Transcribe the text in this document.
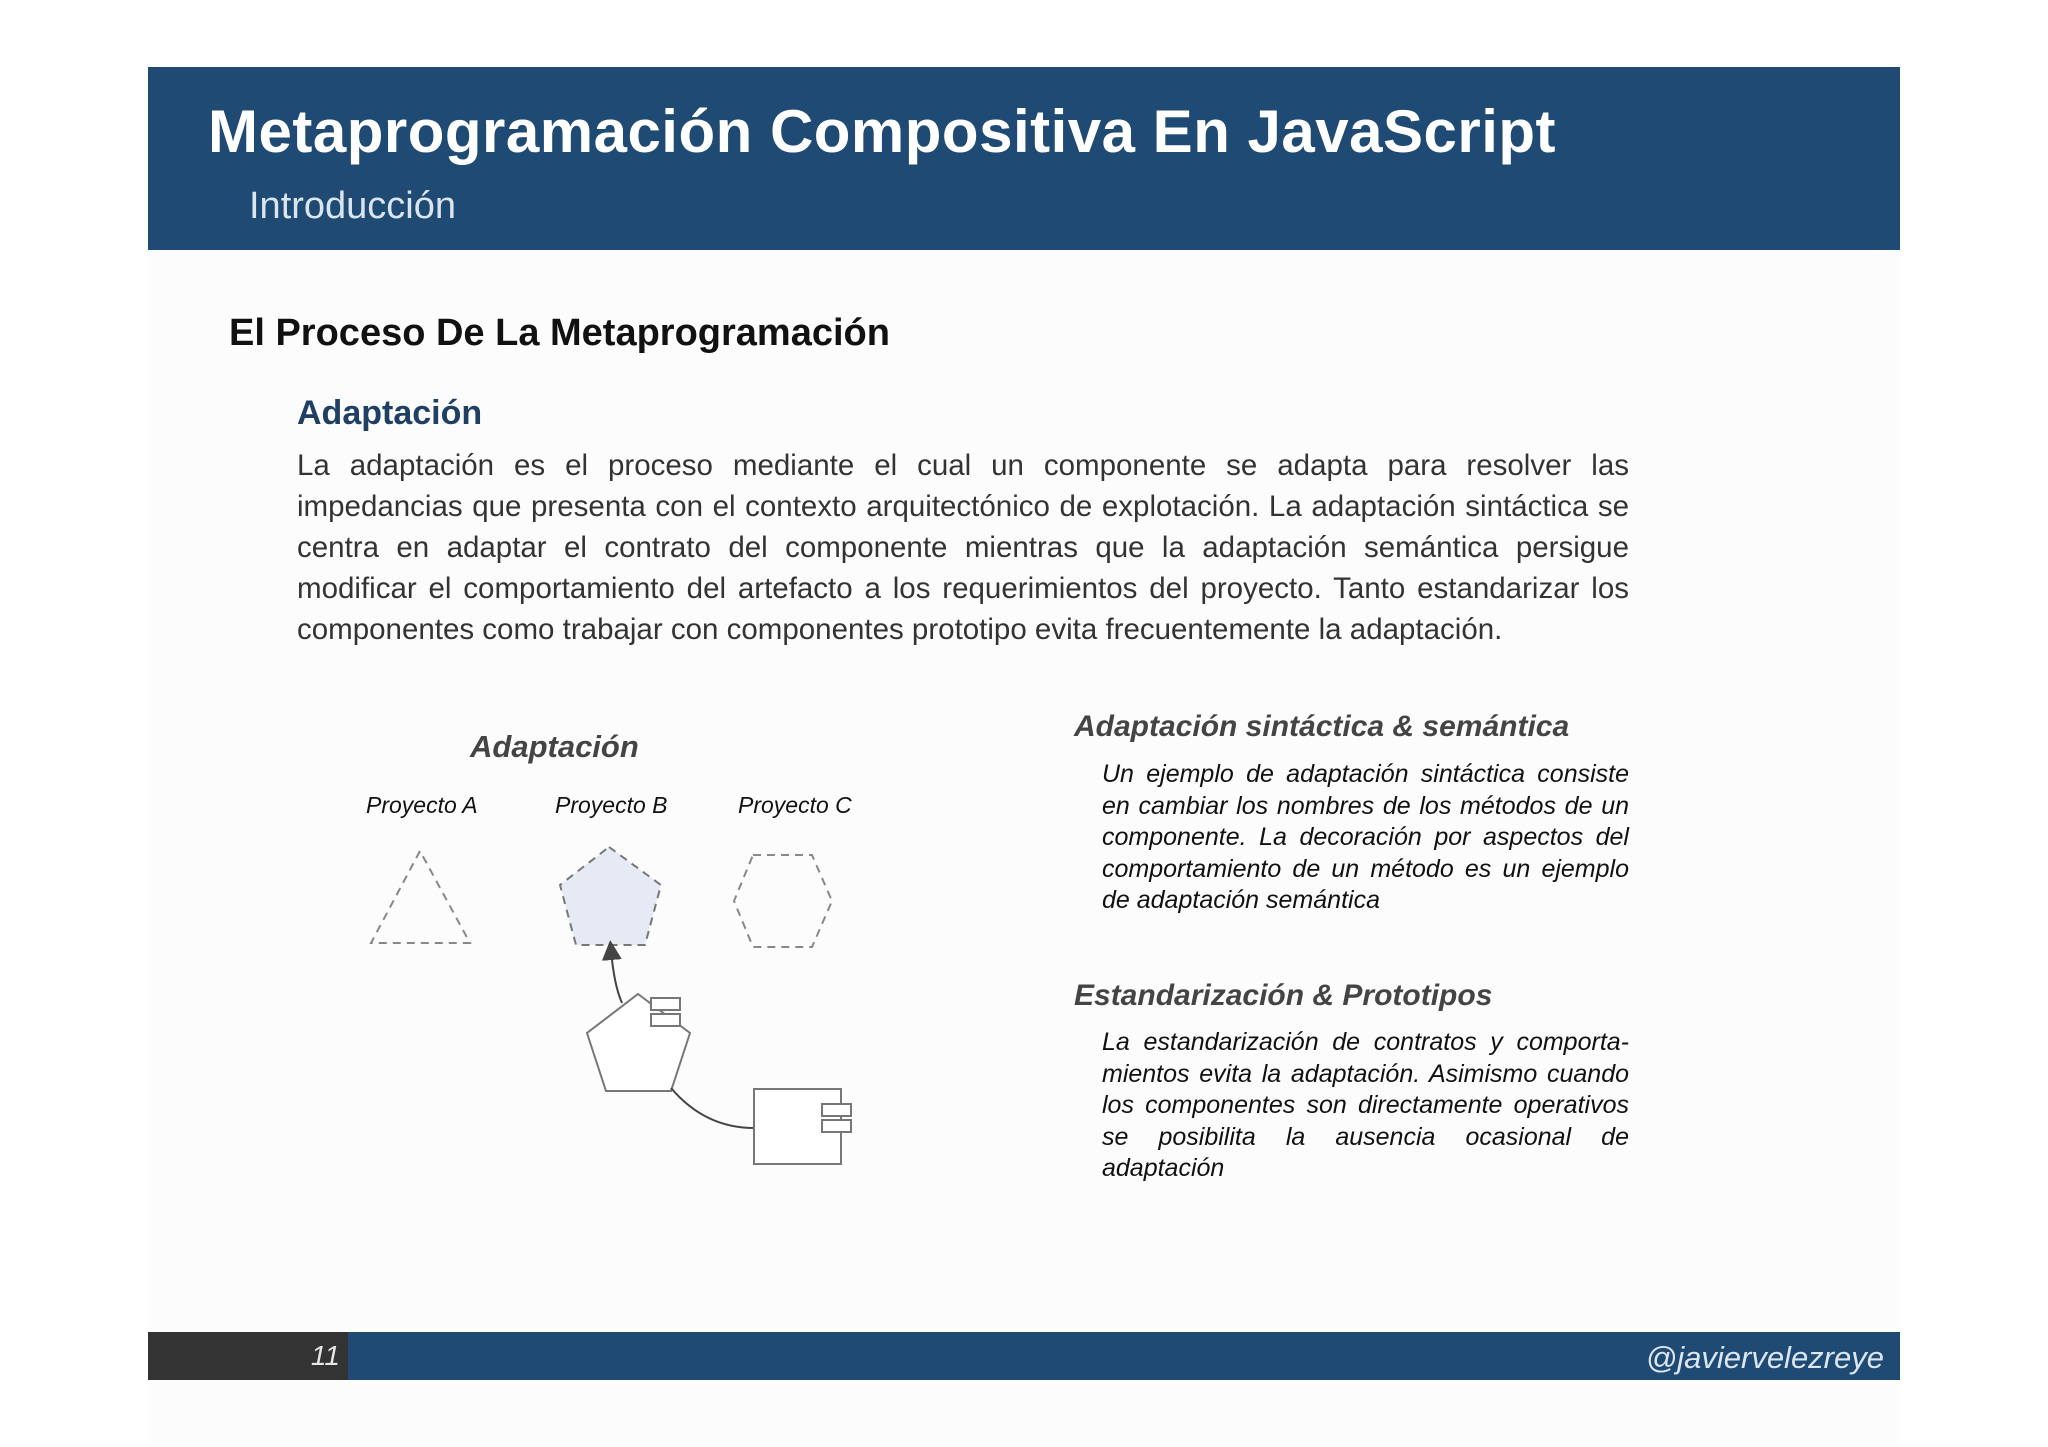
Metaprogramación Compositiva En JavaScript
Introducción
El Proceso De La Metaprogramación
Adaptación

La adaptación es el proceso mediante el cual un componente se adapta para resolver las impedancias que presenta con el contexto arquitectónico de explotación. La adaptación sintáctica se centra en adaptar el contrato del componente mientras que la adaptación semántica persigue modificar el comportamiento del artefacto a los requerimientos del proyecto. Tanto estandarizar los componentes como trabajar con componentes prototipo evita frecuentemente la adaptación.

Adaptación
Proyecto A	Proyecto B	Proyecto C
Adaptación sintáctica & semántica

Un ejemplo de adaptación sintáctica consiste en cambiar los nombres de los métodos de un componente. La decoración por aspectos del comportamiento de un método es un ejemplo de adaptación semántica

Estandarización & Prototipos

La estandarización de contratos y comporta- mientos evita la adaptación. Asimismo cuando los componentes son directamente operativos se posibilita la ausencia ocasional de adaptación

11	@javiervelezreye
